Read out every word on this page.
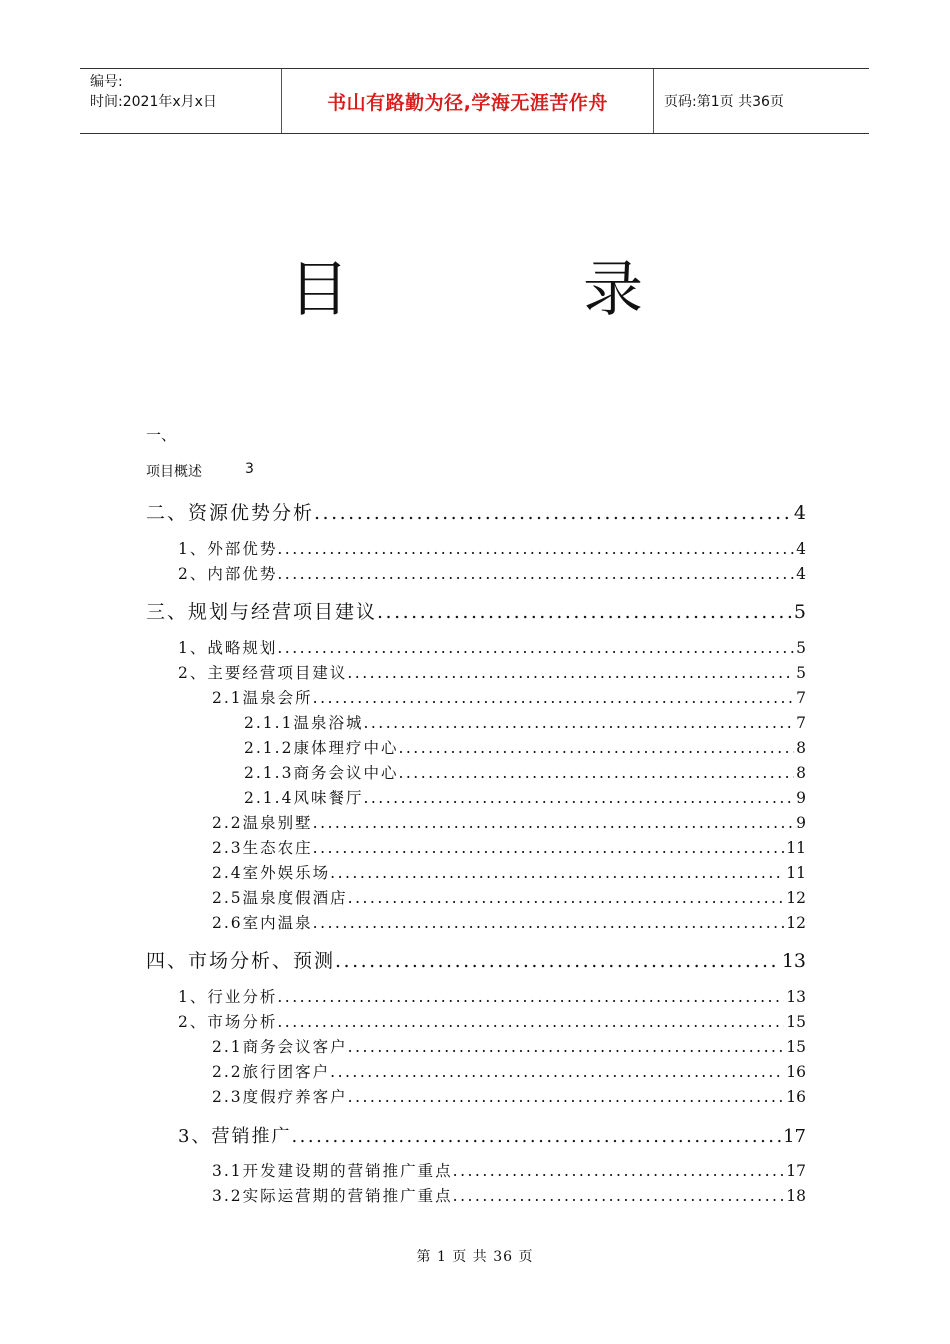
编号:
时间:2021年x月x日	书山有路勤为径,学海无涯苦作舟	页码:第1页 共36页
目	录
一、
项目概述	3
二、资源优势分析 .....	4
1、外部优势 .....	4
2、内部优势 .....	4
三、规划与经营项目建议 .....	5
1、战略规划 .....	5
2、主要经营项目建议 .....	5
2.1温泉会所 .....	7
2.1.1温泉浴城 .....	7
2.1.2康体理疗中心 .....	8
2.1.3商务会议中心 .....	8
2.1.4风味餐厅 .....	9
2.2温泉别墅 .....	9
2.3生态农庄 .....	11
2.4室外娱乐场 .....	11
2.5温泉度假酒店 .....	12
2.6室内温泉 .....	12
四、市场分析、预测 .....	13
1、行业分析 .....	13
2、市场分析 .....	15
2.1商务会议客户 .....	15
2.2旅行团客户 .....	16
2.3度假疗养客户 .....	16
3、营销推广 .....	17
3.1开发建设期的营销推广重点 .....	17
3.2实际运营期的营销推广重点 .....	18
第 1 页 共 36 页
